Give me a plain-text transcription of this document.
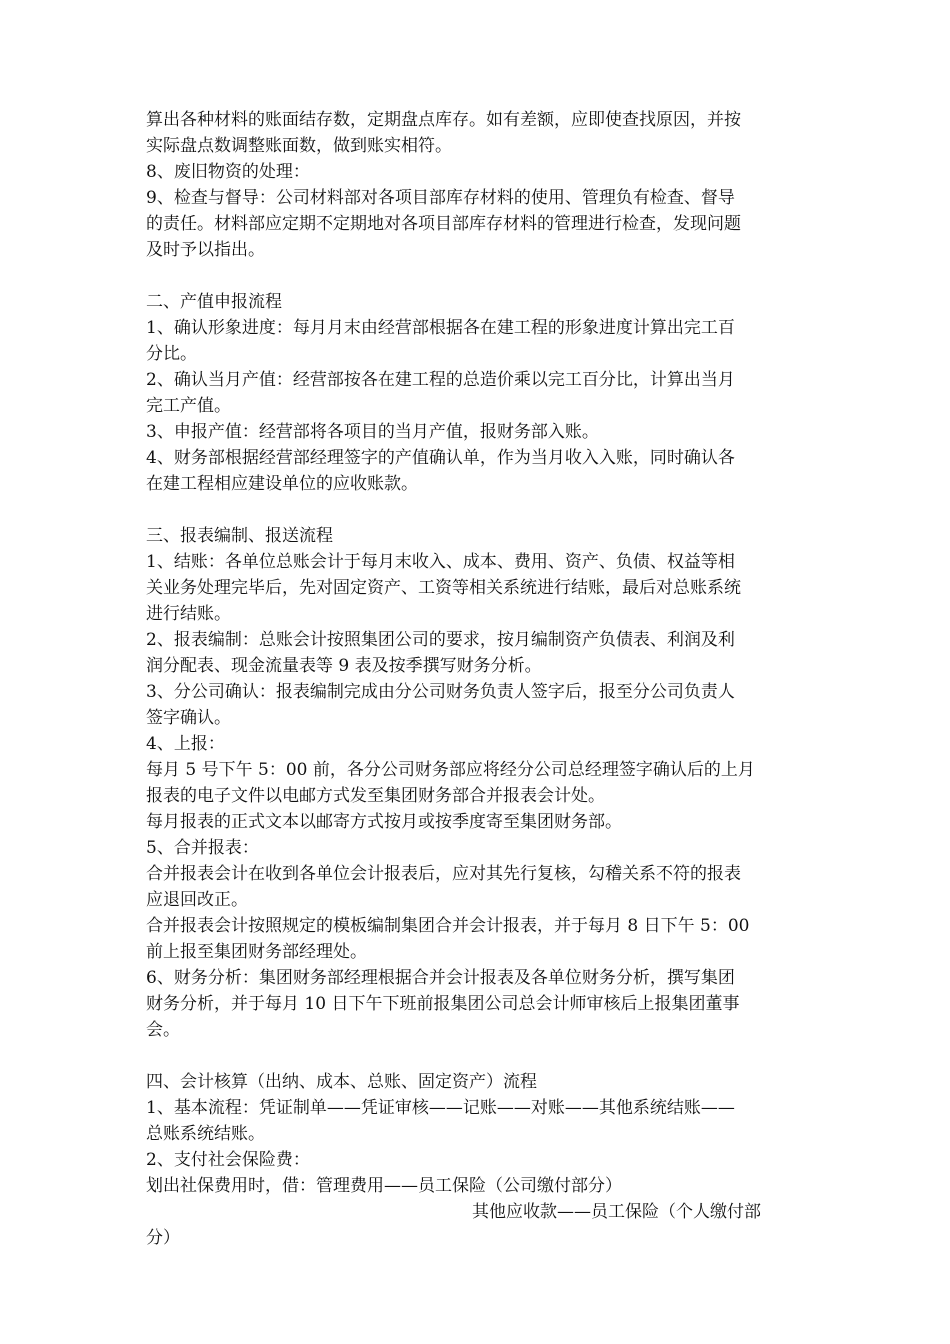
算出各种材料的账面结存数，定期盘点库存。如有差额，应即使查找原因，并按
实际盘点数调整账面数，做到账实相符。
8、废旧物资的处理：
9、检查与督导：公司材料部对各项目部库存材料的使用、管理负有检查、督导
的责任。材料部应定期不定期地对各项目部库存材料的管理进行检查，发现问题
及时予以指出。
二、产值申报流程
1、确认形象进度：每月月末由经营部根据各在建工程的形象进度计算出完工百
分比。
2、确认当月产值：经营部按各在建工程的总造价乘以完工百分比，计算出当月
完工产值。
3、申报产值：经营部将各项目的当月产值，报财务部入账。
4、财务部根据经营部经理签字的产值确认单，作为当月收入入账，同时确认各
在建工程相应建设单位的应收账款。
三、报表编制、报送流程
1、结账：各单位总账会计于每月末收入、成本、费用、资产、负债、权益等相
关业务处理完毕后，先对固定资产、工资等相关系统进行结账，最后对总账系统
进行结账。
2、报表编制：总账会计按照集团公司的要求，按月编制资产负债表、利润及利
润分配表、现金流量表等 9 表及按季撰写财务分析。
3、分公司确认：报表编制完成由分公司财务负责人签字后，报至分公司负责人
签字确认。
4、上报：
每月 5 号下午 5：00 前，各分公司财务部应将经分公司总经理签字确认后的上月
报表的电子文件以电邮方式发至集团财务部合并报表会计处。
每月报表的正式文本以邮寄方式按月或按季度寄至集团财务部。
5、合并报表：
合并报表会计在收到各单位会计报表后，应对其先行复核，勾稽关系不符的报表
应退回改正。
合并报表会计按照规定的模板编制集团合并会计报表，并于每月 8 日下午 5：00
前上报至集团财务部经理处。
6、财务分析：集团财务部经理根据合并会计报表及各单位财务分析，撰写集团
财务分析，并于每月 10 日下午下班前报集团公司总会计师审核后上报集团董事
会。
四、会计核算（出纳、成本、总账、固定资产）流程
1、基本流程：凭证制单——凭证审核——记账——对账——其他系统结账——
总账系统结账。
2、支付社会保险费：
划出社保费用时，借：管理费用——员工保险（公司缴付部分）
其他应收款——员工保险（个人缴付部
分）
